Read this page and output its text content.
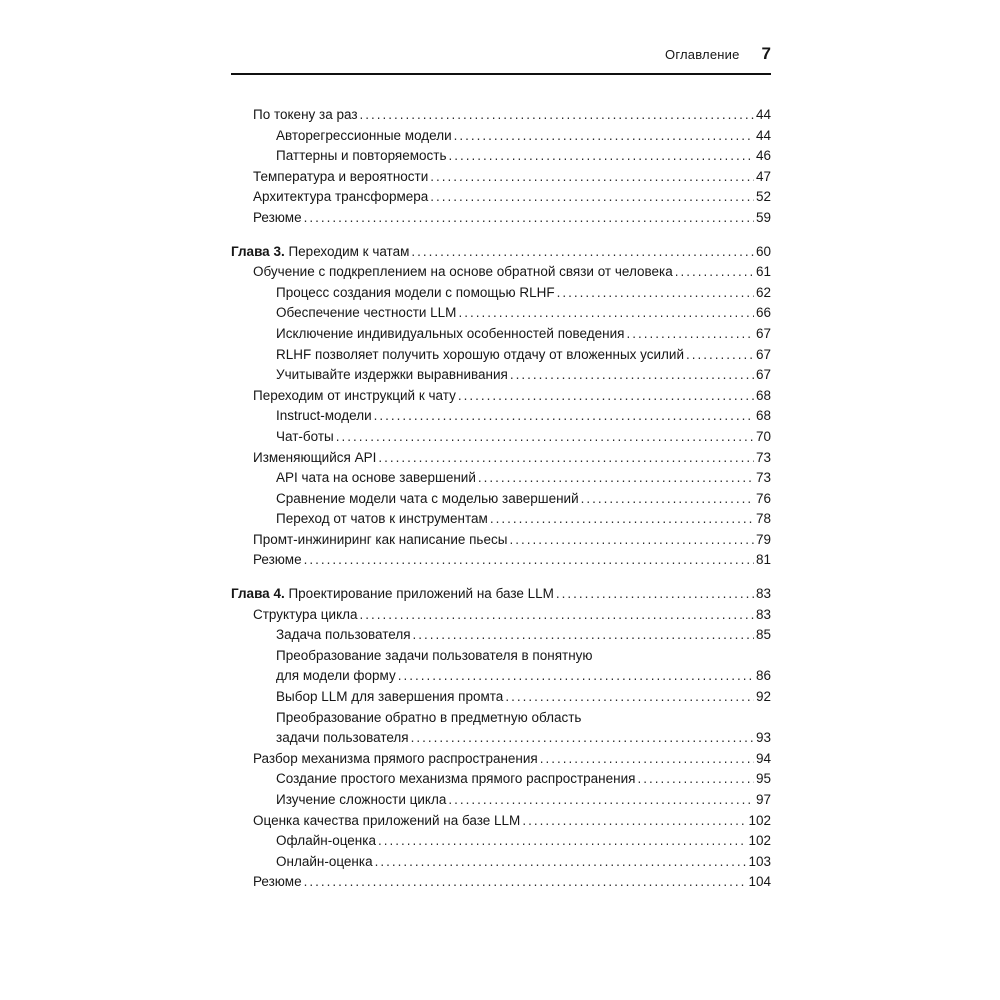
Оглавление 7
По токену за раз .....	44
Авторегрессионные модели .....	44
Паттерны и повторяемость .....	46
Температура и вероятности .....	47
Архитектура трансформера .....	52
Резюме .....	59
Глава 3. Переходим к чатам .....	60
Обучение с подкреплением на основе обратной связи от человека .....	61
Процесс создания модели с помощью RLHF .....	62
Обеспечение честности LLM .....	66
Исключение индивидуальных особенностей поведения .....	67
RLHF позволяет получить хорошую отдачу от вложенных усилий .....	67
Учитывайте издержки выравнивания .....	67
Переходим от инструкций к чату .....	68
Instruct-модели .....	68
Чат-боты .....	70
Изменяющийся API .....	73
API чата на основе завершений .....	73
Сравнение модели чата с моделью завершений .....	76
Переход от чатов к инструментам .....	78
Промт-инжиниринг как написание пьесы .....	79
Резюме .....	81
Глава 4. Проектирование приложений на базе LLM .....	83
Структура цикла .....	83
Задача пользователя .....	85
Преобразование задачи пользователя в понятную
для модели форму .....	86
Выбор LLM для завершения промта .....	92
Преобразование обратно в предметную область
задачи пользователя .....	93
Разбор механизма прямого распространения .....	94
Создание простого механизма прямого распространения .....	95
Изучение сложности цикла .....	97
Оценка качества приложений на базе LLM .....	102
Офлайн-оценка .....	102
Онлайн-оценка .....	103
Резюме .....	104
